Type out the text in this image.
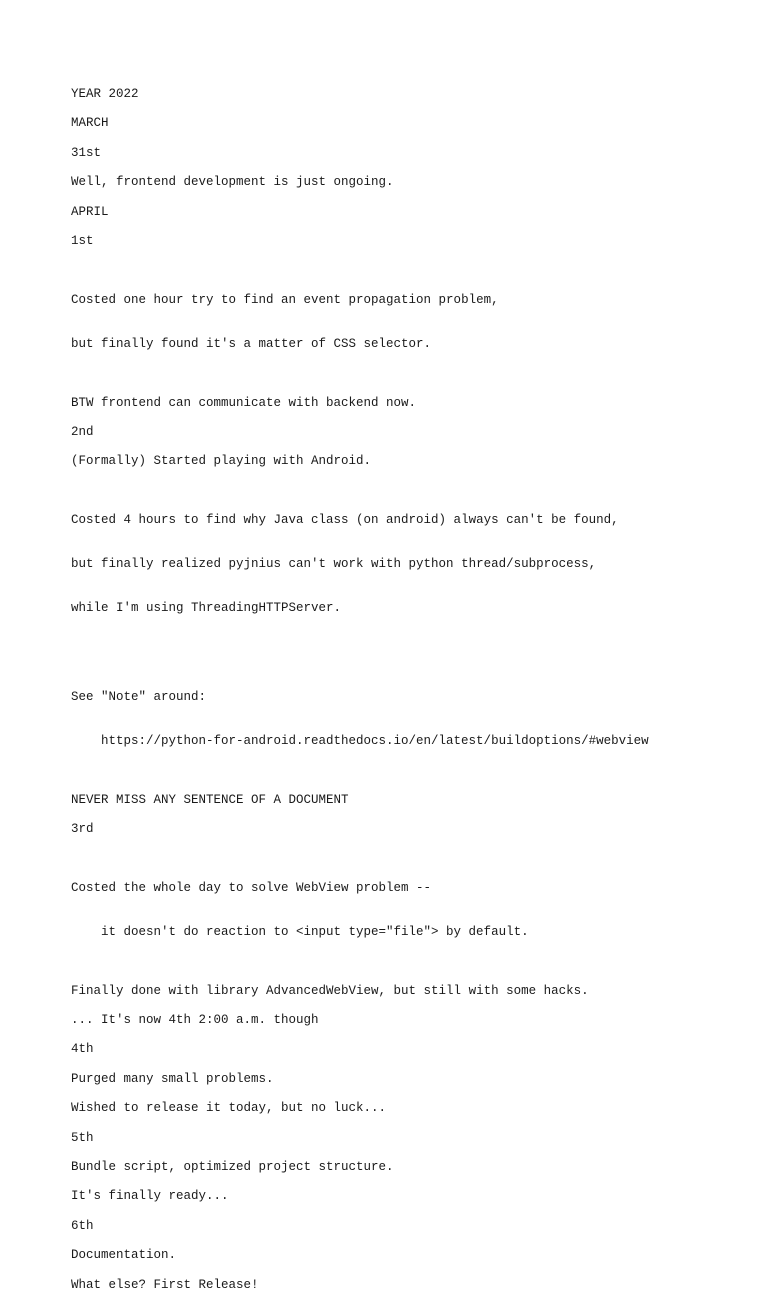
YEAR 2022
MARCH
31st
Well, frontend development is just ongoing.
APRIL
1st

Costed one hour try to find an event propagation problem,

but finally found it's a matter of CSS selector.

BTW frontend can communicate with backend now.
2nd
(Formally) Started playing with Android.

Costed 4 hours to find why Java class (on android) always can't be found,

but finally realized pyjnius can't work with python thread/subprocess,

while I'm using ThreadingHTTPServer.

See "Note" around:

https://python-for-android.readthedocs.io/en/latest/buildoptions/#webview

NEVER MISS ANY SENTENCE OF A DOCUMENT
3rd

Costed the whole day to solve WebView problem --

it doesn't do reaction to <input type="file"> by default.

Finally done with library AdvancedWebView, but still with some hacks.
... It's now 4th 2:00 a.m. though
4th
Purged many small problems.
Wished to release it today, but no luck...
5th
Bundle script, optimized project structure.
It's finally ready...
6th
Documentation.
What else? First Release!
